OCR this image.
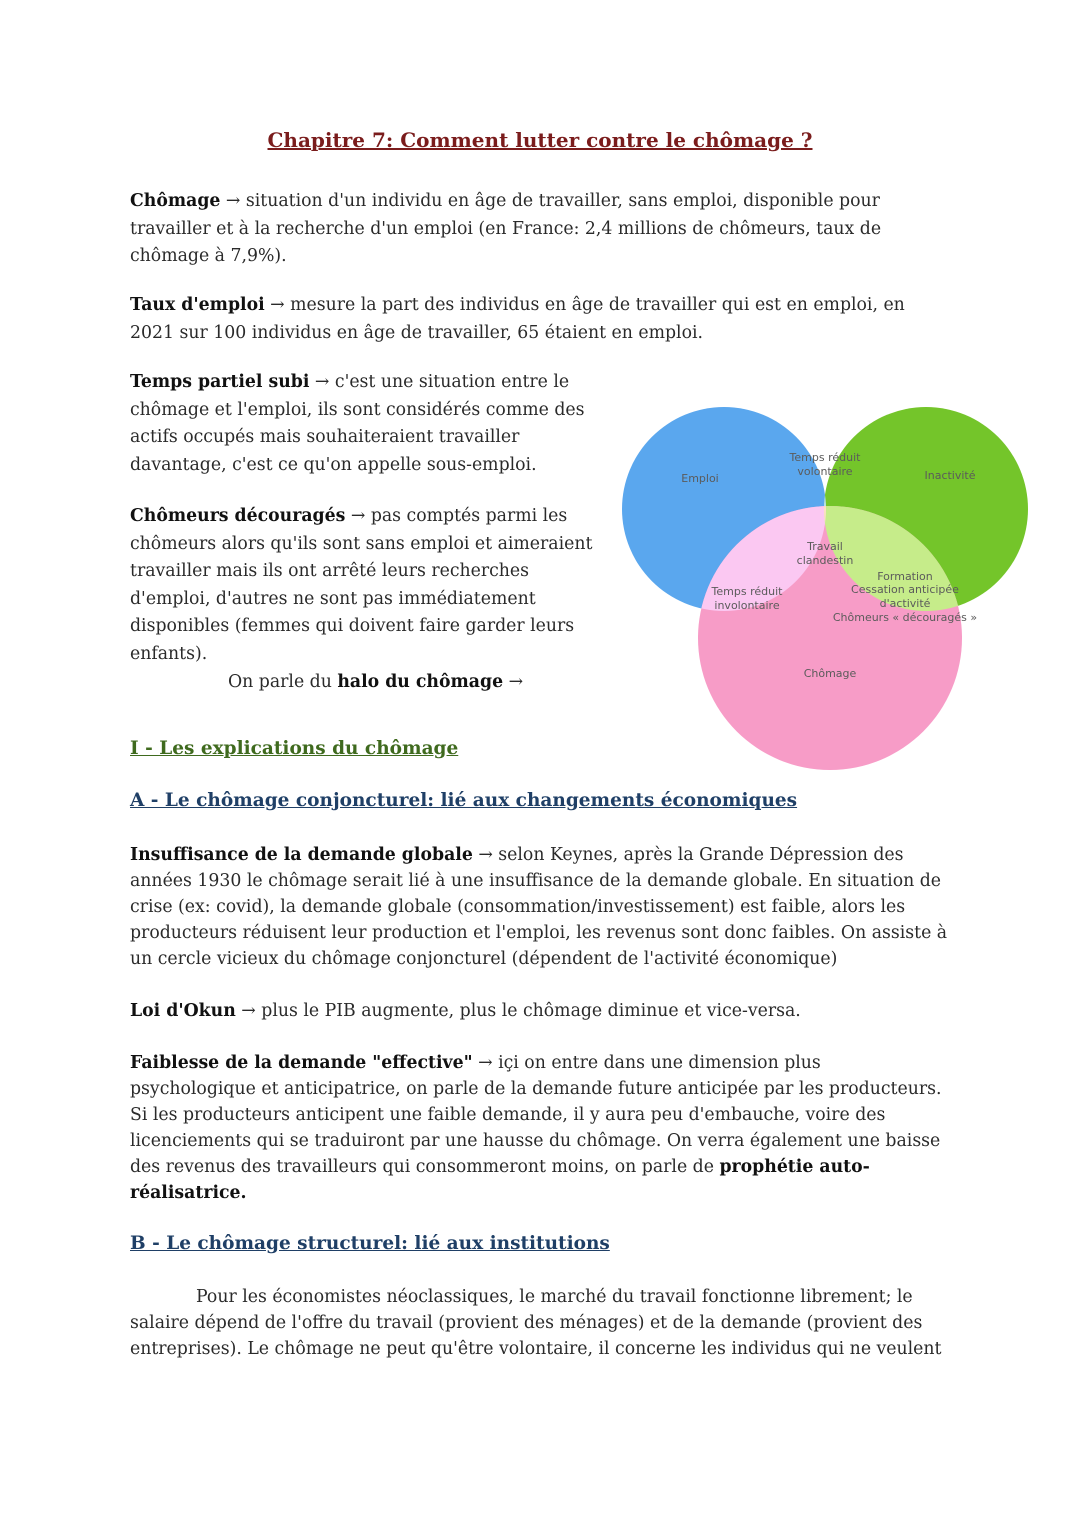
Chapitre 7: Comment lutter contre le chômage ?

Chômage → situation d'un individu en âge de travailler, sans emploi, disponible pour travailler et à la recherche d'un emploi (en France: 2,4 millions de chômeurs, taux de chômage à 7,9%).

Taux d'emploi → mesure la part des individus en âge de travailler qui est en emploi, en 2021 sur 100 individus en âge de travailler, 65 étaient en emploi.

Temps partiel subi → c'est une situation entre le chômage et l'emploi, ils sont considérés comme des actifs occupés mais souhaiteraient travailler davantage, c'est ce qu'on appelle sous-emploi.

Chômeurs découragés → pas comptés parmi les chômeurs alors qu'ils sont sans emploi et aimeraient travailler mais ils ont arrêté leurs recherches d'emploi, d'autres ne sont pas immédiatement disponibles (femmes qui doivent faire garder leurs enfants).

On parle du halo du chômage →

Emploi	Inactivité
Chômage
Temps réduit
volontaire
Travail
clandestin
Temps réduit
involontaire
Formation
Cessation anticipée
d'activité
Chômeurs « découragés »
I - Les explications du chômage
A - Le chômage conjoncturel: lié aux changements économiques

Insuffisance de la demande globale → selon Keynes, après la Grande Dépression des années 1930 le chômage serait lié à une insuffisance de la demande globale. En situation de crise (ex: covid), la demande globale (consommation/investissement) est faible, alors les producteurs réduisent leur production et l'emploi, les revenus sont donc faibles. On assiste à un cercle vicieux du chômage conjoncturel (dépendent de l'activité économique)

Loi d'Okun → plus le PIB augmente, plus le chômage diminue et vice-versa.

Faiblesse de la demande "effective" → içi on entre dans une dimension plus psychologique et anticipatrice, on parle de la demande future anticipée par les producteurs. Si les producteurs anticipent une faible demande, il y aura peu d'embauche, voire des licenciements qui se traduiront par une hausse du chômage. On verra également une baisse des revenus des travailleurs qui consommeront moins, on parle de prophétie auto-réalisatrice.

B - Le chômage structurel: lié aux institutions

Pour les économistes néoclassiques, le marché du travail fonctionne librement; le salaire dépend de l'offre du travail (provient des ménages) et de la demande (provient des entreprises). Le chômage ne peut qu'être volontaire, il concerne les individus qui ne veulent
